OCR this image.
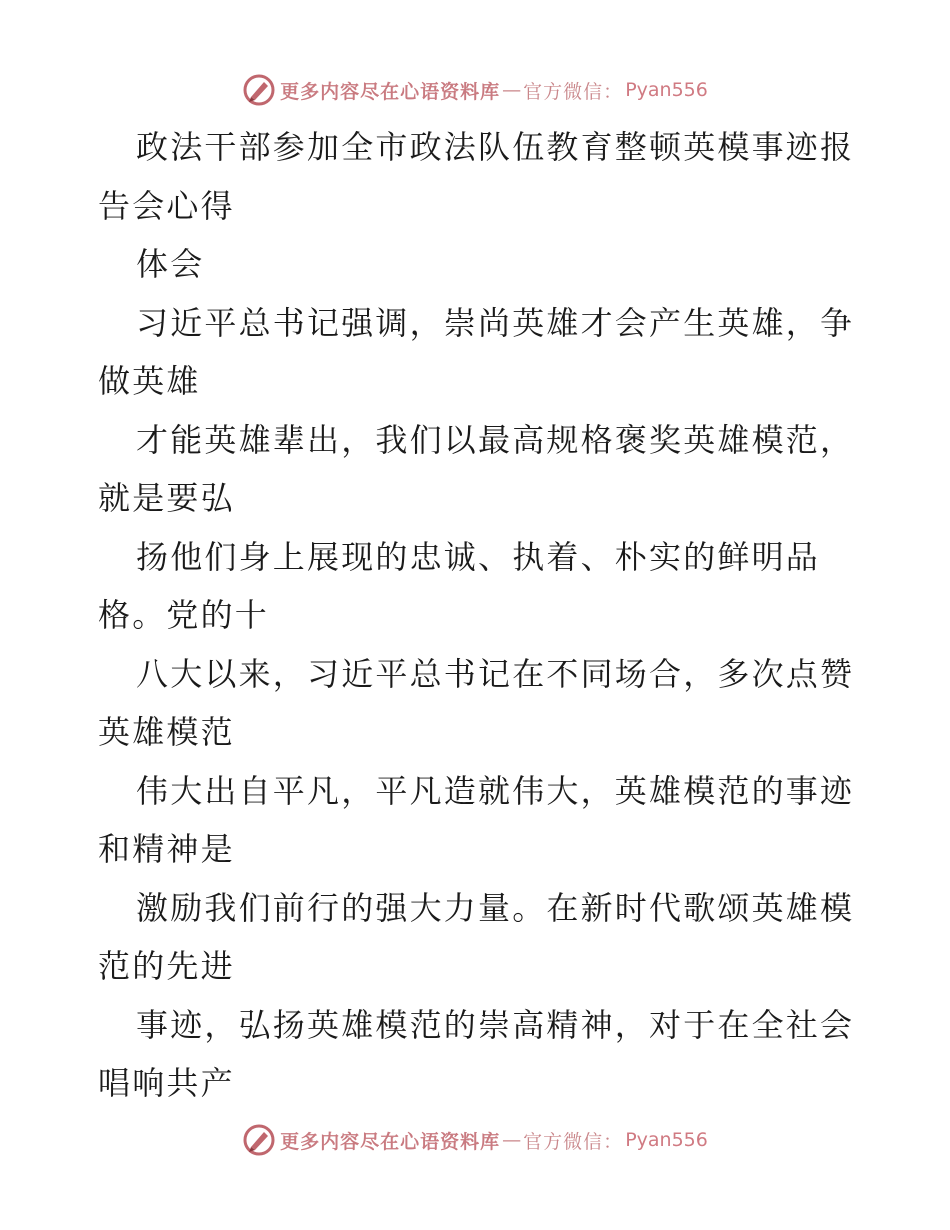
更多内容尽在心语资料库 — 官方微信： Pyan556
政法干部参加全市政法队伍教育整顿英模事迹报
告会心得
体会
习近平总书记强调，崇尚英雄才会产生英雄，争
做英雄
才能英雄辈出，我们以最高规格褒奖英雄模范，
就是要弘
扬他们身上展现的忠诚、执着、朴实的鲜明品
格。党的十
八大以来，习近平总书记在不同场合，多次点赞
英雄模范
伟大出自平凡，平凡造就伟大，英雄模范的事迹
和精神是
激励我们前行的强大力量。在新时代歌颂英雄模
范的先进
事迹，弘扬英雄模范的崇高精神，对于在全社会
唱响共产
更多内容尽在心语资料库 — 官方微信： Pyan556
